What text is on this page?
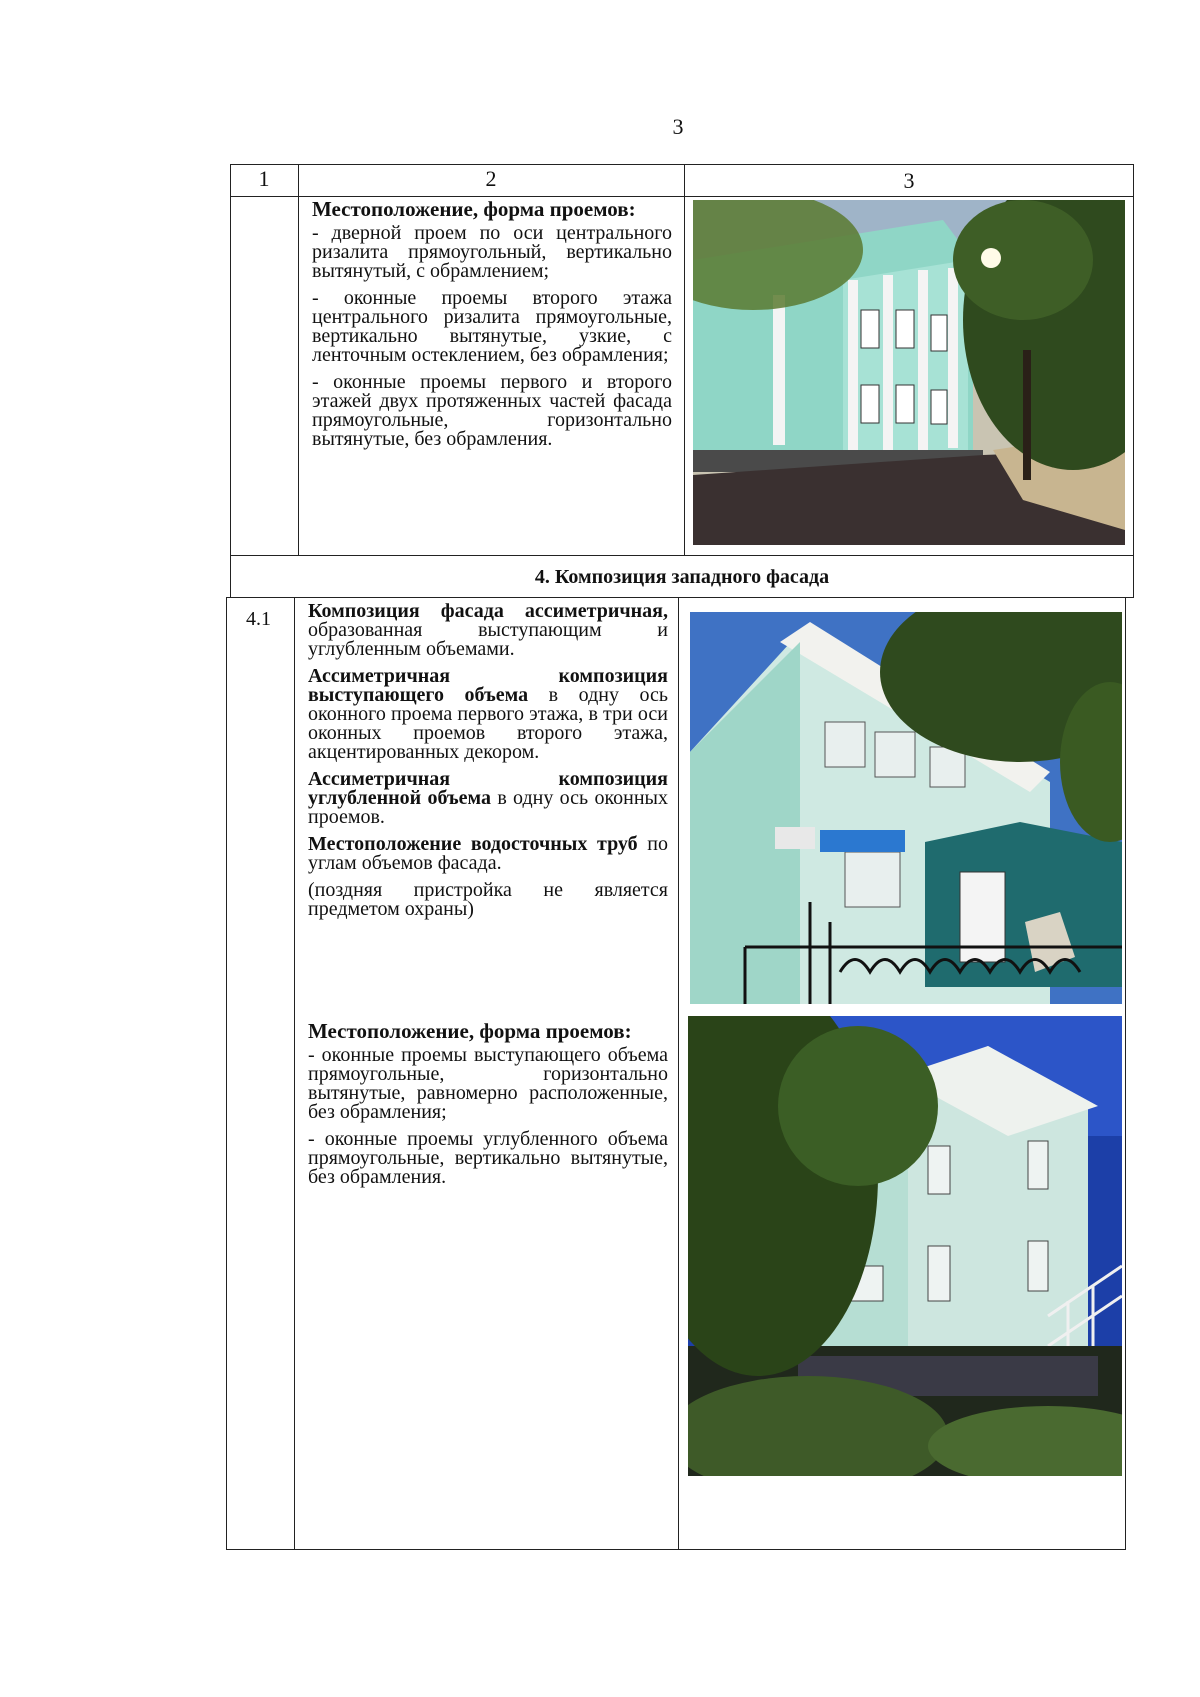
3
1	2	3

Местоположение, форма проемов:

- дверной проем по оси центрального ризалита прямоугольный, вертикально вытянутый, с обрамлением;

- оконные проемы второго этажа центрального ризалита прямоугольные, вертикально вытянутые, узкие, с ленточным остеклением, без обрамления;

- оконные проемы первого и второго этажей двух протяженных частей фасада прямоугольные, горизонтально вытянутые, без обрамления.

4. Композиция западного фасада
4.1 Композиция фасада ассиметричная, образованная выступающим и углубленным объемами.

Ассиметричная композиция выступающего объема в одну ось оконного проема первого этажа, в три оси оконных проемов второго этажа, акцентированных декором.

Ассиметричная композиция углубленной объема в одну ось оконных проемов.

Местоположение водосточных труб по углам объемов фасада.

(поздняя пристройка не является предметом охраны)

Местоположение, форма проемов:

- оконные проемы выступающего объема прямоугольные, горизонтально вытянутые, равномерно расположенные, без обрамления;

- оконные проемы углубленного объема прямоугольные, вертикально вытянутые, без обрамления.
